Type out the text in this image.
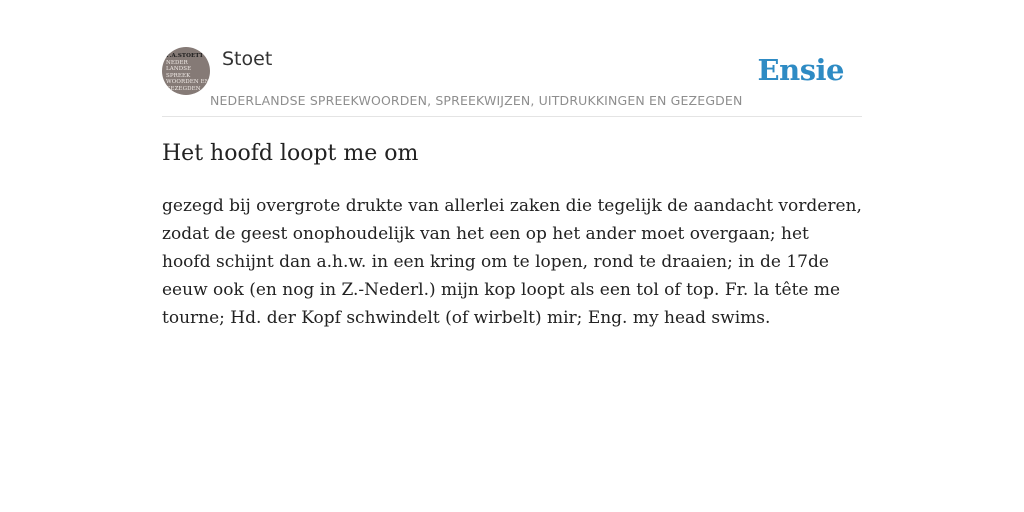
F.A.STOETT
NEDER
LANDSE
SPREEK
WOORDEN EN
GEZEGDEN
Stoet
NEDERLANDSE SPREEKWOORDEN, SPREEKWIJZEN, UITDRUKKINGEN EN GEZEGDEN
Ensie
Het hoofd loopt me om

gezegd bij overgrote drukte van allerlei zaken die tegelijk de aandacht vorderen,
zodat de geest onophoudelijk van het een op het ander moet overgaan; het
hoofd schijnt dan a.h.w. in een kring om te lopen, rond te draaien; in de 17de
eeuw ook (en nog in Z.-Nederl.) mijn kop loopt als een tol of top. Fr. la tête me
tourne; Hd. der Kopf schwindelt (of wirbelt) mir; Eng. my head swims.
